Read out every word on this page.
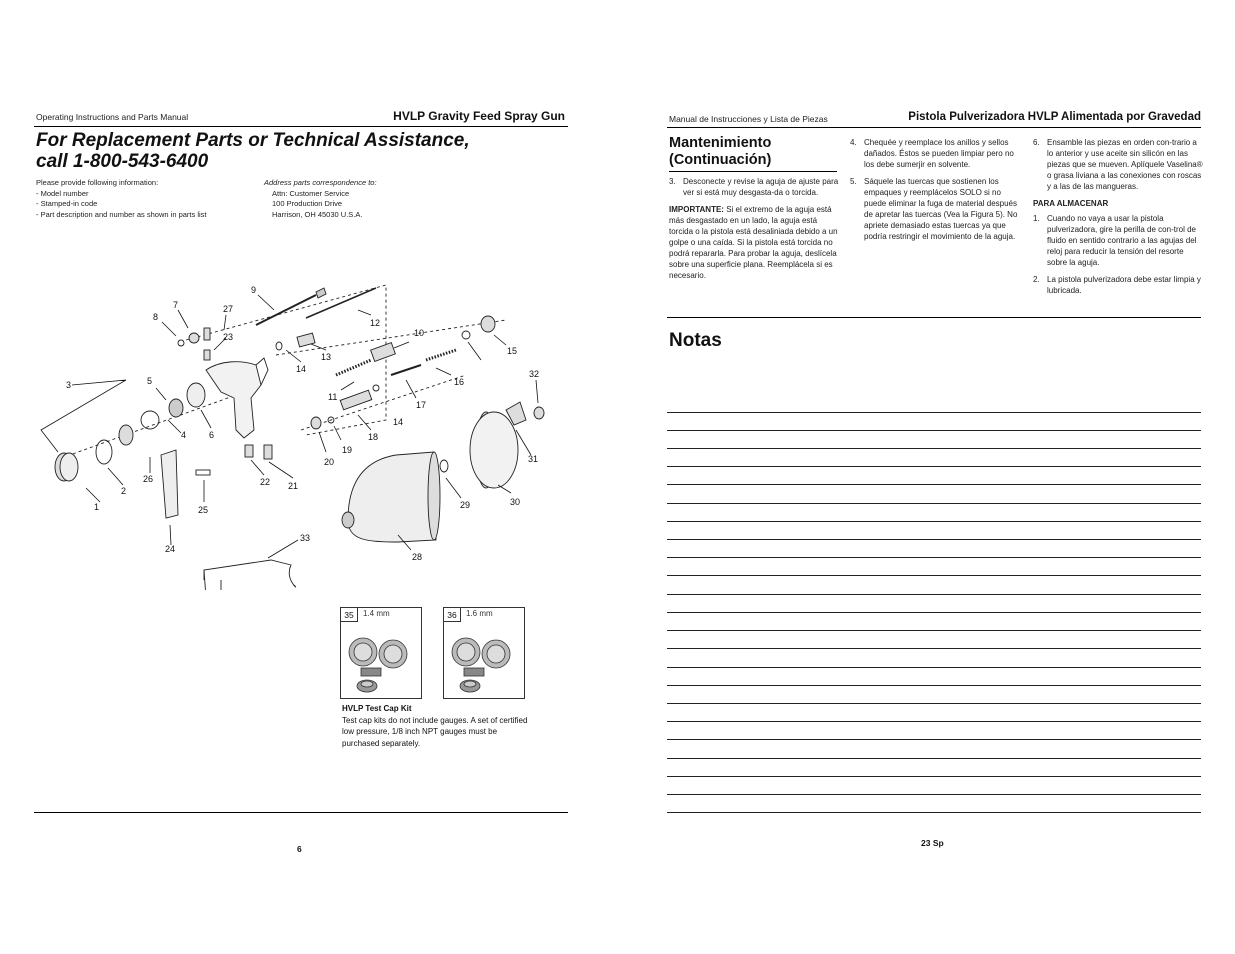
Operating Instructions and Parts Manual	HVLP Gravity Feed Spray Gun
For Replacement Parts or Technical Assistance,
call 1-800-543-6400
Please provide following information:
- Model number
- Stamped-in code
- Part description and number as shown in parts list
Address parts correspondence to:
Attn: Customer Service
100 Production Drive
Harrison, OH 45030 U.S.A.
1
2
3
4
5
6
7
8
9
10
11
12
13
14
14
15
16
17
18
19
20
21
22
23
24
25
26
27
28
29	30
31
32
33
35	1.4 mm	36	1.6 mm
HVLP Test Cap Kit
Test cap kits do not include gauges. A set of certified low pressure, 1/8 inch NPT gauges must be purchased separately.
6
Manual de Instrucciones y Lista de Piezas	Pistola Pulverizadora HVLP Alimentada por Gravedad
Mantenimiento (Continuación)
3. Desconecte y revise la aguja de ajuste para ver si está muy desgasta-da o torcida.

IMPORTANTE: Si el extremo de la aguja está más desgastado en un lado, la aguja está torcida o la pistola está desaliniada debido a un golpe o una caída. Si la pistola está torcida no podrá repararla. Para probar la aguja, deslícela sobre una superficie plana. Reemplácela si es necesario.

4. Chequée y reemplace los anillos y sellos dañados. Éstos se pueden limpiar pero no los debe sumerjir en solvente.
5. Sáquele las tuercas que sostienen los empaques y reemplácelos SOLO si no puede eliminar la fuga de material después de apretar las tuercas (Vea la Figura 5). No apriete demasiado estas tuercas ya que podría restringir el movimiento de la aguja.
6. Ensamble las piezas en orden con-trario a lo anterior y use aceite sin silicón en las piezas que se mueven. Aplíquele Vaselina® o grasa liviana a las conexiones con roscas y a las de las mangueras.
PARA ALMACENAR
1. Cuando no vaya a usar la pistola pulverizadora, gire la perilla de con-trol de fluido en sentido contrario a las agujas del reloj para reducir la tensión del resorte sobre la aguja.
2. La pistola pulverizadora debe estar limpia y lubricada.
Notas
23 Sp
